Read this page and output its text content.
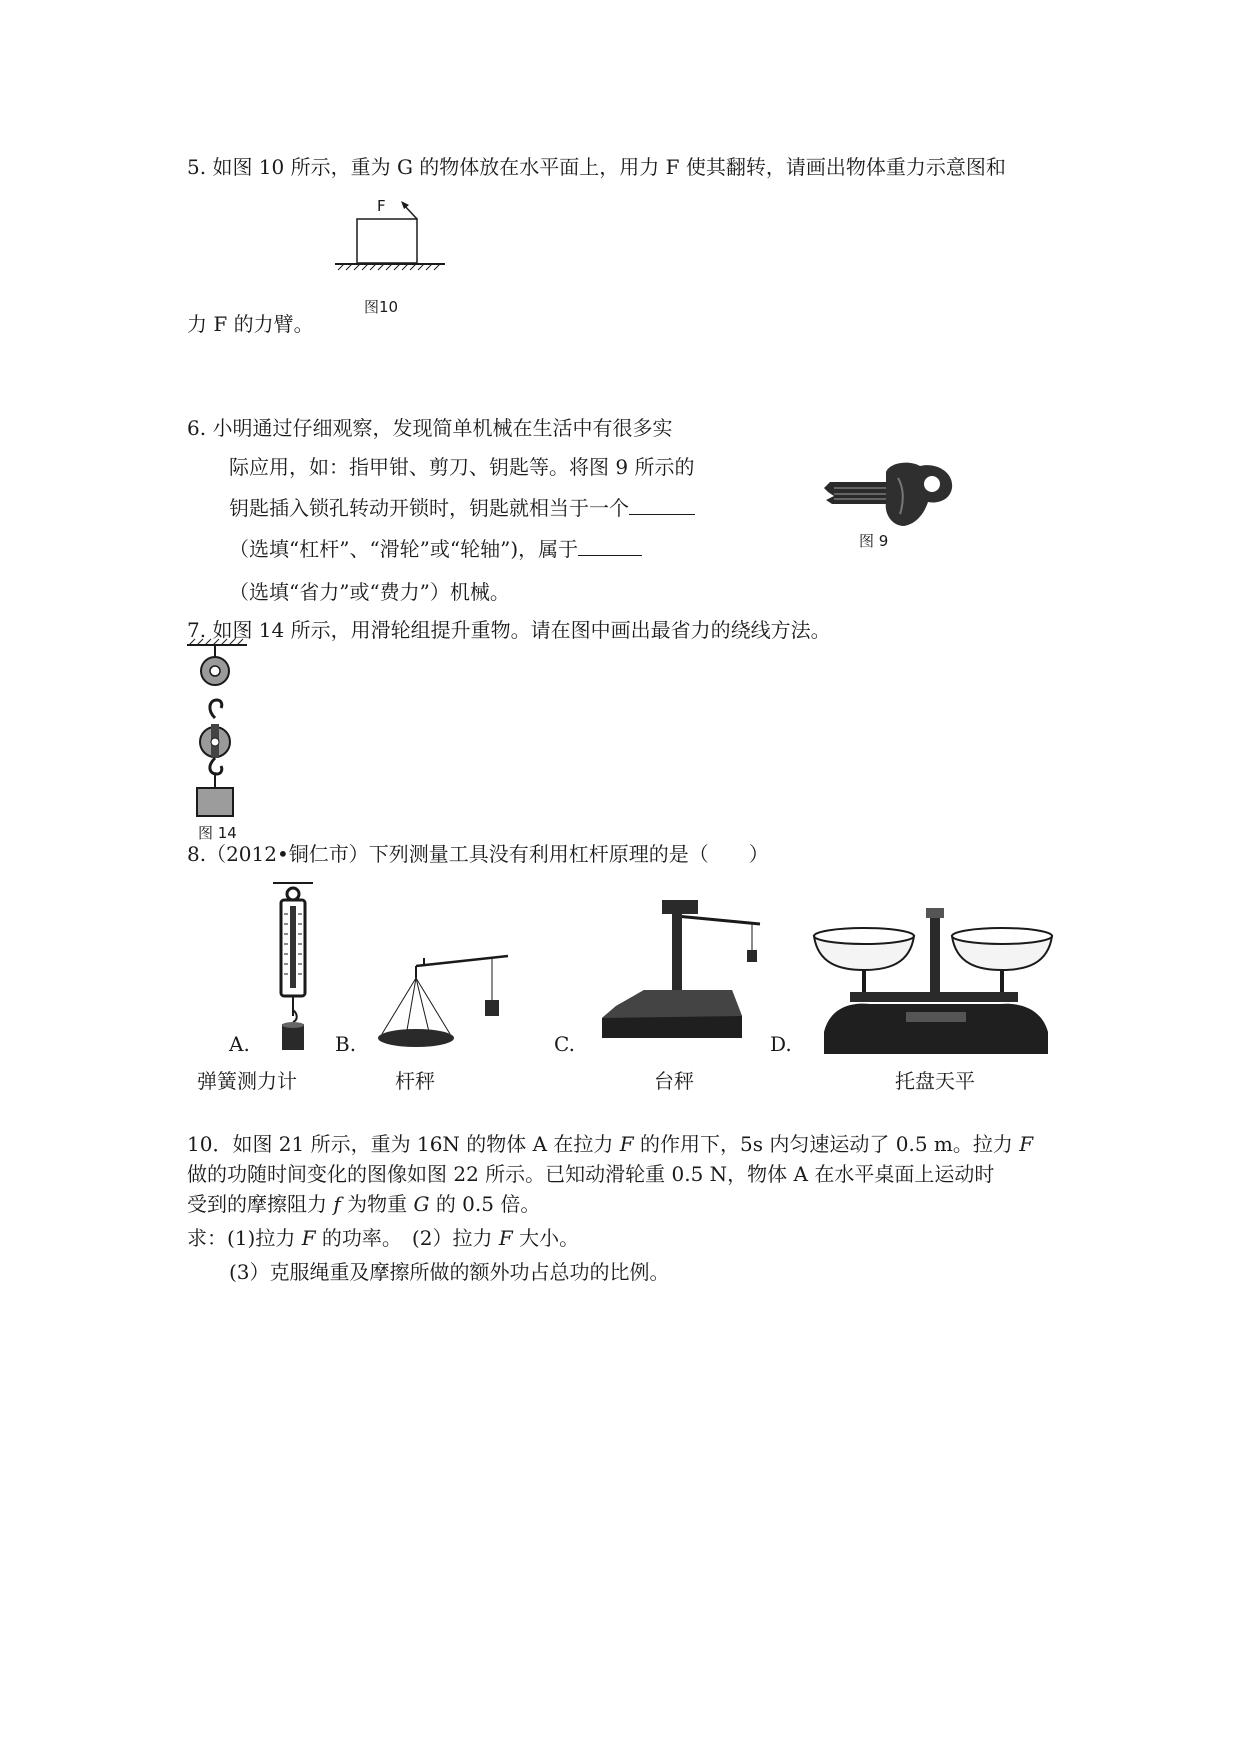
5. 如图 10 所示，重为 G 的物体放在水平面上，用力 F 使其翻转，请画出物体重力示意图和
F
图10
力 F 的力臂。
6. 小明通过仔细观察，发现简单机械在生活中有很多实
际应用，如：指甲钳、剪刀、钥匙等。将图 9 所示的
钥匙插入锁孔转动开锁时，钥匙就相当于一个
（选填“杠杆”、“滑轮”或“轮轴”)，属于
（选填“省力”或“费力”）机械。
图 9
7. 如图 14 所示，用滑轮组提升重物。请在图中画出最省力的绕线方法。
图 14
8.（2012•铜仁市）下列测量工具没有利用杠杆原理的是（　　）
A.	B.	C.	D.
弹簧测力计	杆秤	台秤	托盘天平
10．如图 21 所示，重为 16N 的物体 A 在拉力 F 的作用下，5s 内匀速运动了 0.5 m。拉力 F
做的功随时间变化的图像如图 22 所示。已知动滑轮重 0.5 N，物体 A 在水平桌面上运动时
受到的摩擦阻力 f 为物重 G 的 0.5 倍。
求：(1)拉力 F 的功率。　(2）拉力 F 大小。
(3）克服绳重及摩擦所做的额外功占总功的比例。
